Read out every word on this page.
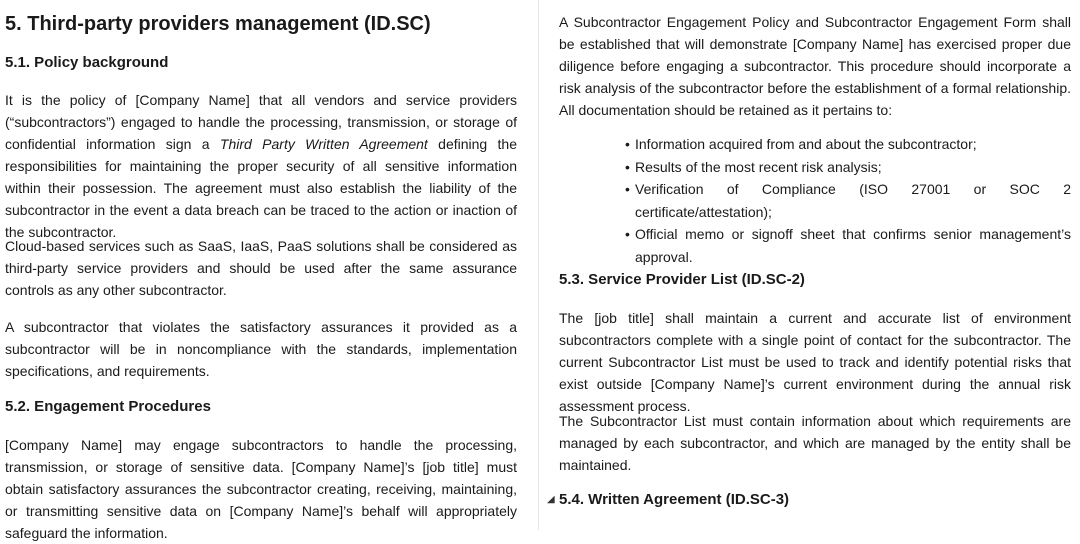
5. Third-party providers management (ID.SC)
5.1. Policy background

It is the policy of [Company Name] that all vendors and service providers (“subcontractors”) engaged to handle the processing, transmission, or storage of confidential information sign a Third Party Written Agreement defining the responsibilities for maintaining the proper security of all sensitive information within their possession. The agreement must also establish the liability of the subcontractor in the event a data breach can be traced to the action or inaction of the subcontractor.

Cloud-based services such as SaaS, IaaS, PaaS solutions shall be considered as third-party service providers and should be used after the same assurance controls as any other subcontractor.

A subcontractor that violates the satisfactory assurances it provided as a subcontractor will be in noncompliance with the standards, implementation specifications, and requirements.

5.2. Engagement Procedures

[Company Name] may engage subcontractors to handle the processing, transmission, or storage of sensitive data. [Company Name]’s [job title] must obtain satisfactory assurances the subcontractor creating, receiving, maintaining, or transmitting sensitive data on [Company Name]’s behalf will appropriately safeguard the information.

A Subcontractor Engagement Policy and Subcontractor Engagement Form shall be established that will demonstrate [Company Name] has exercised proper due diligence before engaging a subcontractor. This procedure should incorporate a risk analysis of the subcontractor before the establishment of a formal relationship. All documentation should be retained as it pertains to:

• Information acquired from and about the subcontractor;
• Results of the most recent risk analysis;
• Verification of Compliance (ISO 27001 or SOC 2 certificate/attestation);
• Official memo or signoff sheet that confirms senior management’s approval.
5.3. Service Provider List (ID.SC-2)

The [job title] shall maintain a current and accurate list of environment subcontractors complete with a single point of contact for the subcontractor. The current Subcontractor List must be used to track and identify potential risks that exist outside [Company Name]’s current environment during the annual risk assessment process.

The Subcontractor List must contain information about which requirements are managed by each subcontractor, and which are managed by the entity shall be maintained.

◢ 5.4. Written Agreement (ID.SC-3)
